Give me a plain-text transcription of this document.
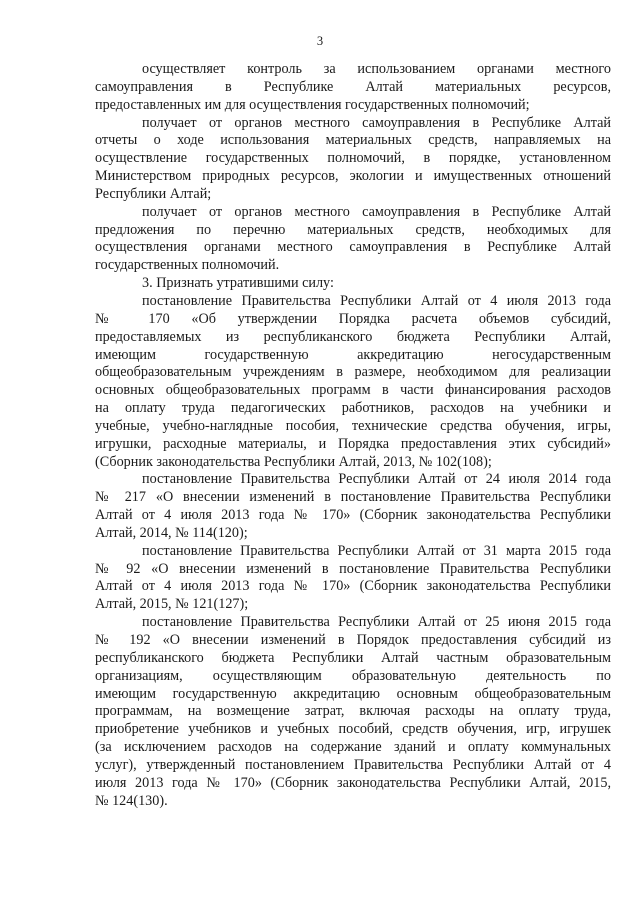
3
осуществляет контроль за использованием органами местного
самоуправления в Республике Алтай материальных ресурсов,
предоставленных им для осуществления государственных полномочий;
получает от органов местного самоуправления в Республике Алтай
отчеты о ходе использования материальных средств, направляемых на
осуществление государственных полномочий, в порядке, установленном
Министерством природных ресурсов, экологии и имущественных отношений
Республики Алтай;
получает от органов местного самоуправления в Республике Алтай
предложения по перечню материальных средств, необходимых для
осуществления органами местного самоуправления в Республике Алтай
государственных полномочий.
3. Признать утратившими силу:
постановление Правительства Республики Алтай от 4 июля 2013 года
№ 170 «Об утверждении Порядка расчета объемов субсидий,
предоставляемых из республиканского бюджета Республики Алтай,
имеющим государственную аккредитацию негосударственным
общеобразовательным учреждениям в размере, необходимом для реализации
основных общеобразовательных программ в части финансирования расходов
на оплату труда педагогических работников, расходов на учебники и
учебные, учебно-наглядные пособия, технические средства обучения, игры,
игрушки, расходные материалы, и Порядка предоставления этих субсидий»
(Сборник законодательства Республики Алтай, 2013, № 102(108);
постановление Правительства Республики Алтай от 24 июля 2014 года
№ 217 «О внесении изменений в постановление Правительства Республики
Алтай от 4 июля 2013 года № 170» (Сборник законодательства Республики
Алтай, 2014, № 114(120);
постановление Правительства Республики Алтай от 31 марта 2015 года
№ 92 «О внесении изменений в постановление Правительства Республики
Алтай от 4 июля 2013 года № 170» (Сборник законодательства Республики
Алтай, 2015, № 121(127);
постановление Правительства Республики Алтай от 25 июня 2015 года
№ 192 «О внесении изменений в Порядок предоставления субсидий из
республиканского бюджета Республики Алтай частным образовательным
организациям, осуществляющим образовательную деятельность по
имеющим государственную аккредитацию основным общеобразовательным
программам, на возмещение затрат, включая расходы на оплату труда,
приобретение учебников и учебных пособий, средств обучения, игр, игрушек
(за исключением расходов на содержание зданий и оплату коммунальных
услуг), утвержденный постановлением Правительства Республики Алтай от 4
июля 2013 года № 170» (Сборник законодательства Республики Алтай, 2015,
№ 124(130).
